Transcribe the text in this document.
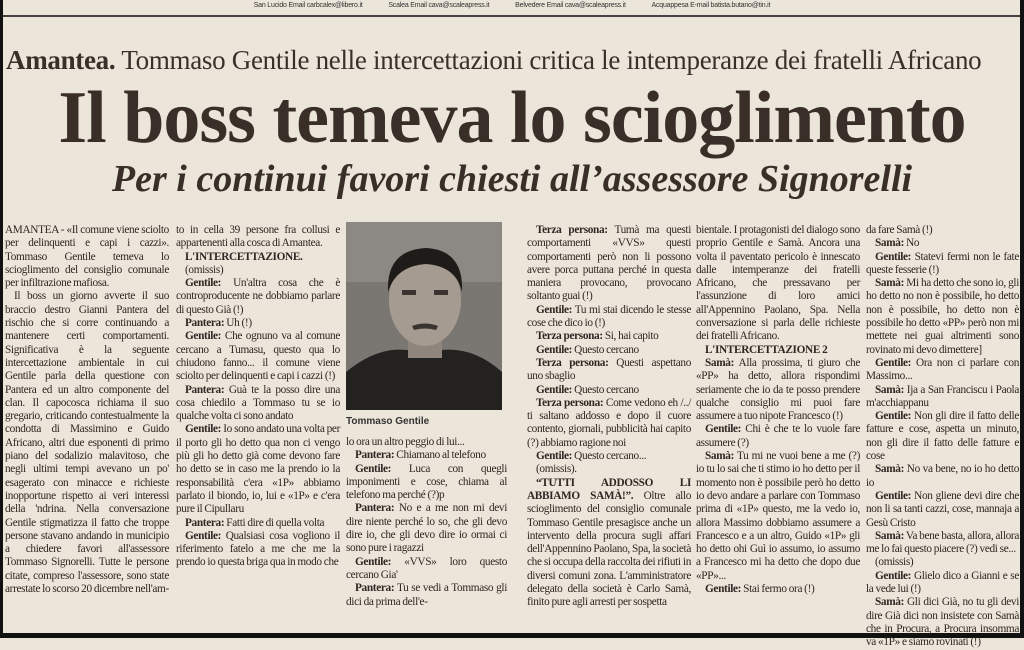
San Lucido Email carbcalex@libero.it	Scalea Email cava@scaleapress.it	Belvedere Email cava@scaleapress.it	Acquappesa E-mail batista.butano@tin.it
Amantea. Tommaso Gentile nelle intercettazioni critica le intemperanze dei fratelli Africano
Il boss temeva lo scioglimento
Per i continui favori chiesti all’assessore Signorelli

AMANTEA - «Il comune viene sciolto per delinquenti e capi i cazzi». Tommaso Gentile temeva lo scioglimento del consiglio comunale per infiltrazione mafiosa.

Il boss un giorno avverte il suo braccio destro Gianni Pantera del rischio che si corre continuando a mantenere certi comportamenti. Significativa è la seguente intercettazione ambientale in cui Gentile parla della questione con Pantera ed un altro componente del clan. Il capocosca richiama il suo gregario, criticando contestualmente la condotta di Massimino e Guido Africano, altri due esponenti di primo piano del sodalizio malavitoso, che negli ultimi tempi avevano un po' esagerato con minacce e richieste inopportune rispetto ai veri interessi della 'ndrina. Nella conversazione Gentile stigmatizza il fatto che troppe persone stavano andando in municipio a chiedere favori all'assessore Tommaso Signorelli. Tutte le persone citate, compreso l'assessore, sono state arrestate lo scorso 20 dicembre nell'am-

to in cella 39 persone fra collusi e appartenenti alla cosca di Amantea.

L'INTERCETTAZIONE.

(omissis)

Gentile: Un'altra cosa che è controproducente ne dobbiamo parlare di questo Già (!)

Pantera: Uh (!)

Gentile: Che ognuno va al comune cercano a Tumasu, questo qua lo chiudono fanno... il comune viene sciolto per delinquenti e capi i cazzi (!)

Pantera: Guà te la posso dire una cosa chiedilo a Tommaso tu se io qualche volta ci sono andato

Gentile: Io sono andato una volta per il porto gli ho detto qua non ci vengo più gli ho detto già come devono fare ho detto se in caso me la prendo io la responsabilità c'era «1P» abbiamo parlato il biondo, io, lui e «1P» e c'era pure il Cipullaru

Pantera: Fatti dire di quella volta

Gentile: Qualsiasi cosa vogliono il riferimento fatelo a me che me la prendo io questa briga qua in modo che

Tommaso Gentile

lo ora un altro peggio di lui...

Pantera: Chiamano al telefono

Gentile: Luca con quegli imponimenti e cose, chiama al telefono ma perché (?)p

Pantera: No e a me non mi devi dire niente perché lo so, che gli devo dire io, che gli devo dire io ormai ci sono pure i ragazzi

Gentile: «VVS» loro questo cercano Gia'

Pantera: Tu se vedi a Tommaso gli dici da prima dell'e-

Terza persona: Tumà ma questi comportamenti «VVS» questi comportamenti però non li possono avere porca puttana perché in questa maniera provocano, provocano soltanto guai (!)

Gentile: Tu mi stai dicendo le stesse cose che dico io (!)

Terza persona: Si, hai capito

Gentile: Questo cercano

Terza persona: Questi aspettano uno sbaglio

Gentile: Questo cercano

Terza persona: Come vedono eh /../ ti saltano addosso e dopo il cuore contento, giornali, pubblicità hai capito (?) abbiamo ragione noi

Gentile: Questo cercano...

(omissis).

“TUTTI ADDOSSO LI ABBIAMO SAMÀ!”. Oltre allo scioglimento del consiglio comunale Tommaso Gentile presagisce anche un intervento della procura sugli affari dell'Appennino Paolano, Spa, la società che si occupa della raccolta dei rifiuti in diversi comuni zona. L'amministratore delegato della società è Carlo Samà, finito pure agli arresti per sospetta

bientale. I protagonisti del dialogo sono proprio Gentile e Samà. Ancora una volta il paventato pericolo è innescato dalle intemperanze dei fratelli Africano, che pressavano per l'assunzione di loro amici all'Appennino Paolano, Spa. Nella conversazione si parla delle richieste dei fratelli Africano.

L'INTERCETTAZIONE 2

Samà: Alla prossima, ti giuro che «PP» ha detto, allora rispondimi seriamente che io da te posso prendere qualche consiglio mi puoi fare assumere a tuo nipote Francesco (!)

Gentile: Chi è che te lo vuole fare assumere (?)

Samà: Tu mi ne vuoi bene a me (?) io tu lo sai che ti stimo io ho detto per il momento non è possibile però ho detto io devo andare a parlare con Tommaso prima di «1P» questo, me la vedo io, allora Massimo dobbiamo assumere a Francesco e a un altro, Guido «1P» gli ho detto ohi Guì io assumo, io assumo a Francesco mi ha detto che dopo due «PP»...

Gentile: Stai fermo ora (!)

da fare Samà (!)

Samà: No

Gentile: Statevi fermi non le fate queste fesserie (!)

Samà: Mi ha detto che sono io, gli ho detto no non è possibile, ho detto non è possibile, ho detto non è possibile ho detto «PP» però non mi mettete nei guai altrimenti sono rovinato mi devo dimettere]

Gentile: Ora non ci parlare con Massimo...

Samà: Ija a San Franciscu i Paola m'acchiappanu

Gentile: Non gli dire il fatto delle fatture e cose, aspetta un minuto, non gli dire il fatto delle fatture e cose

Samà: No va bene, no io ho detto io

Gentile: Non gliene devi dire che non li sa tanti cazzi, cose, mannaja a Gesù Cristo

Samà: Va bene basta, allora, allora me lo fai questo piacere (?) vedi se...

(omissis)

Gentile: Glielo dico a Gianni e se la vede lui (!)

Samà: Gli dici Già, no tu gli devi dire Già dici non insistete con Samà che in Procura, a Procura insomma va «1P» e siamo rovinati (!)
